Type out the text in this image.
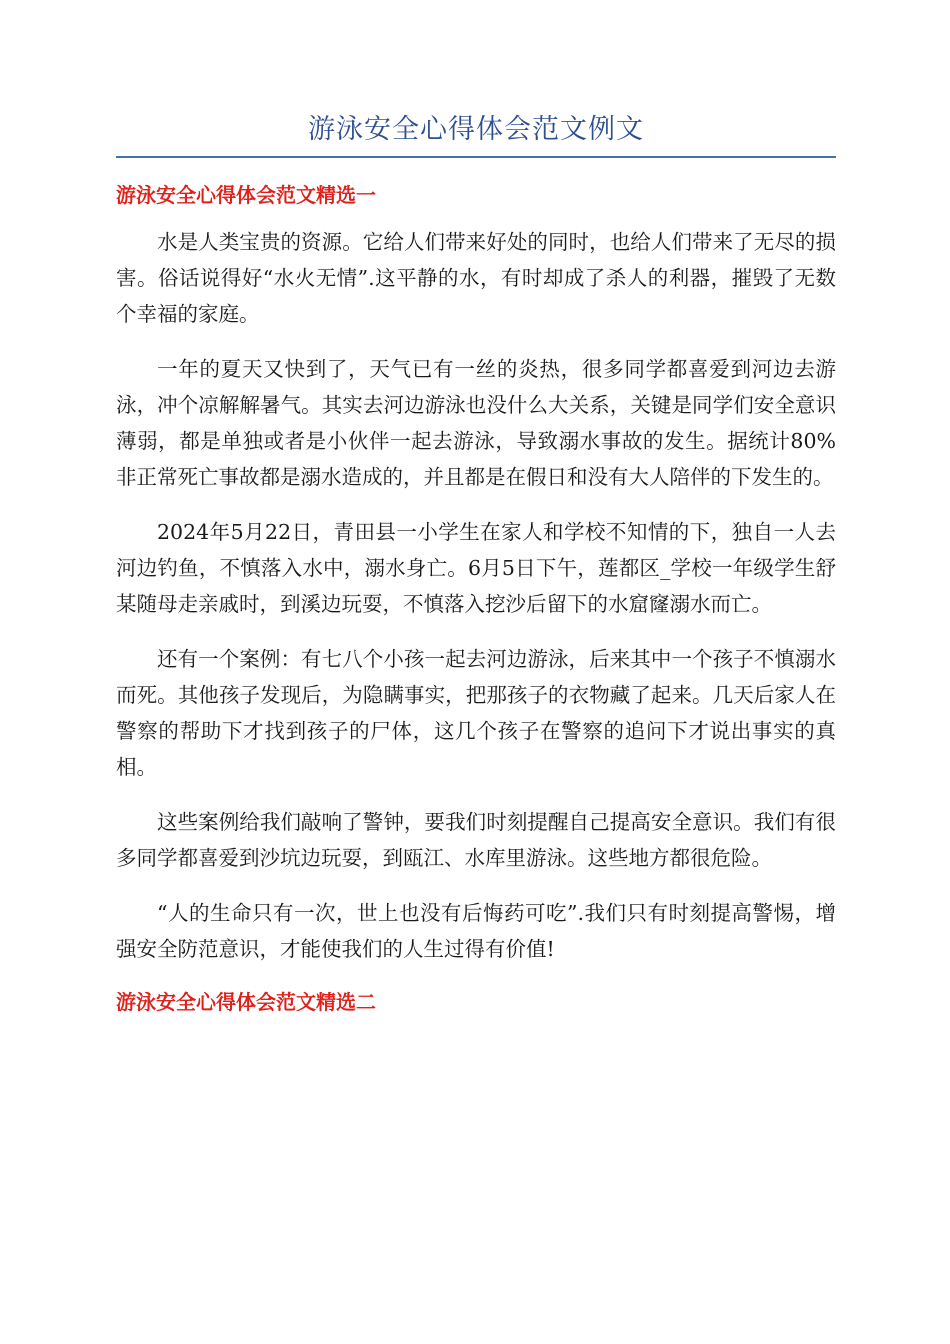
游泳安全心得体会范文例文
游泳安全心得体会范文精选一

水是人类宝贵的资源。它给人们带来好处的同时，也给人们带来了无尽的损害。俗话说得好“水火无情”.这平静的水，有时却成了杀人的利器，摧毁了无数个幸福的家庭。

一年的夏天又快到了，天气已有一丝的炎热，很多同学都喜爱到河边去游泳，冲个凉解解暑气。其实去河边游泳也没什么大关系，关键是同学们安全意识薄弱，都是单独或者是小伙伴一起去游泳，导致溺水事故的发生。据统计80%非正常死亡事故都是溺水造成的，并且都是在假日和没有大人陪伴的下发生的。

2024年5月22日，青田县一小学生在家人和学校不知情的下，独自一人去河边钓鱼，不慎落入水中，溺水身亡。6月5日下午，莲都区_学校一年级学生舒某随母走亲戚时，到溪边玩耍，不慎落入挖沙后留下的水窟窿溺水而亡。

还有一个案例：有七八个小孩一起去河边游泳，后来其中一个孩子不慎溺水而死。其他孩子发现后，为隐瞒事实，把那孩子的衣物藏了起来。几天后家人在警察的帮助下才找到孩子的尸体，这几个孩子在警察的追问下才说出事实的真相。

这些案例给我们敲响了警钟，要我们时刻提醒自己提高安全意识。我们有很多同学都喜爱到沙坑边玩耍，到瓯江、水库里游泳。这些地方都很危险。

“人的生命只有一次，世上也没有后悔药可吃”.我们只有时刻提高警惕，增强安全防范意识，才能使我们的人生过得有价值!

游泳安全心得体会范文精选二
